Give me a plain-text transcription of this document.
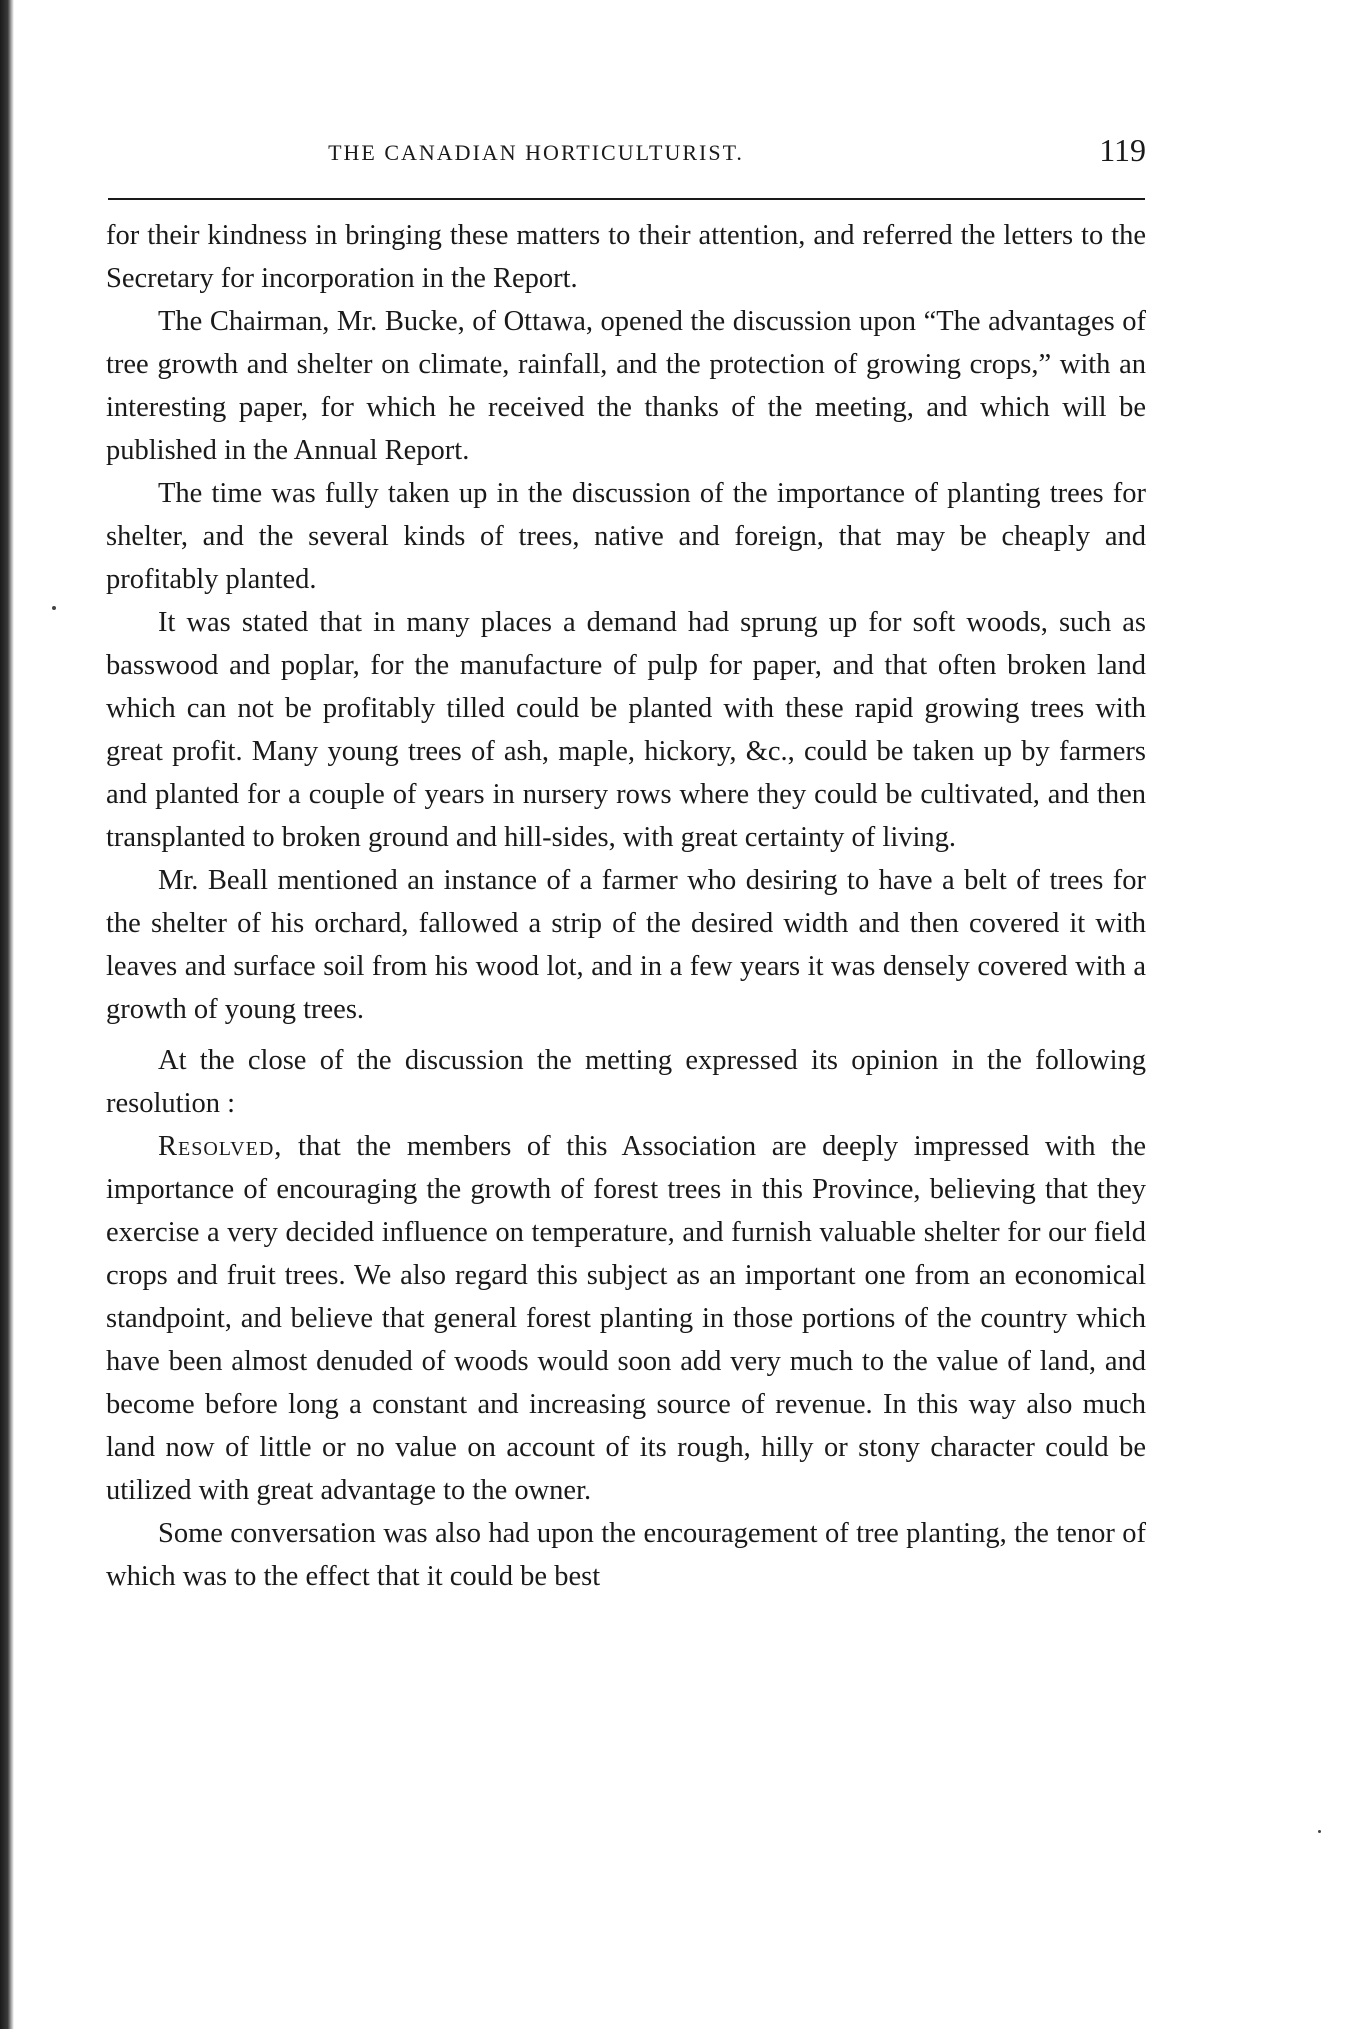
THE CANADIAN HORTICULTURIST.	119

for their kindness in bringing these matters to their attention, and referred the letters to the Secretary for incorporation in the Report.

The Chairman, Mr. Bucke, of Ottawa, opened the discussion upon “The advantages of tree growth and shelter on climate, rainfall, and the protection of growing crops,” with an interesting paper, for which he received the thanks of the meeting, and which will be published in the Annual Report.

The time was fully taken up in the discussion of the importance of planting trees for shelter, and the several kinds of trees, native and foreign, that may be cheaply and profitably planted.

It was stated that in many places a demand had sprung up for soft woods, such as basswood and poplar, for the manufacture of pulp for paper, and that often broken land which can not be profitably tilled could be planted with these rapid growing trees with great profit. Many young trees of ash, maple, hickory, &c., could be taken up by farmers and planted for a couple of years in nursery rows where they could be cultivated, and then transplanted to broken ground and hill-sides, with great certainty of living.

Mr. Beall mentioned an instance of a farmer who desiring to have a belt of trees for the shelter of his orchard, fallowed a strip of the desired width and then covered it with leaves and surface soil from his wood lot, and in a few years it was densely covered with a growth of young trees.

At the close of the discussion the metting expressed its opinion in the following resolution :

Resolved, that the members of this Association are deeply impressed with the importance of encouraging the growth of forest trees in this Province, believing that they exercise a very decided influence on temperature, and furnish valuable shelter for our field crops and fruit trees. We also regard this subject as an important one from an economical standpoint, and believe that general forest planting in those portions of the country which have been almost denuded of woods would soon add very much to the value of land, and become before long a constant and increasing source of revenue. In this way also much land now of little or no value on account of its rough, hilly or stony character could be utilized with great advantage to the owner.

Some conversation was also had upon the encouragement of tree planting, the tenor of which was to the effect that it could be best
